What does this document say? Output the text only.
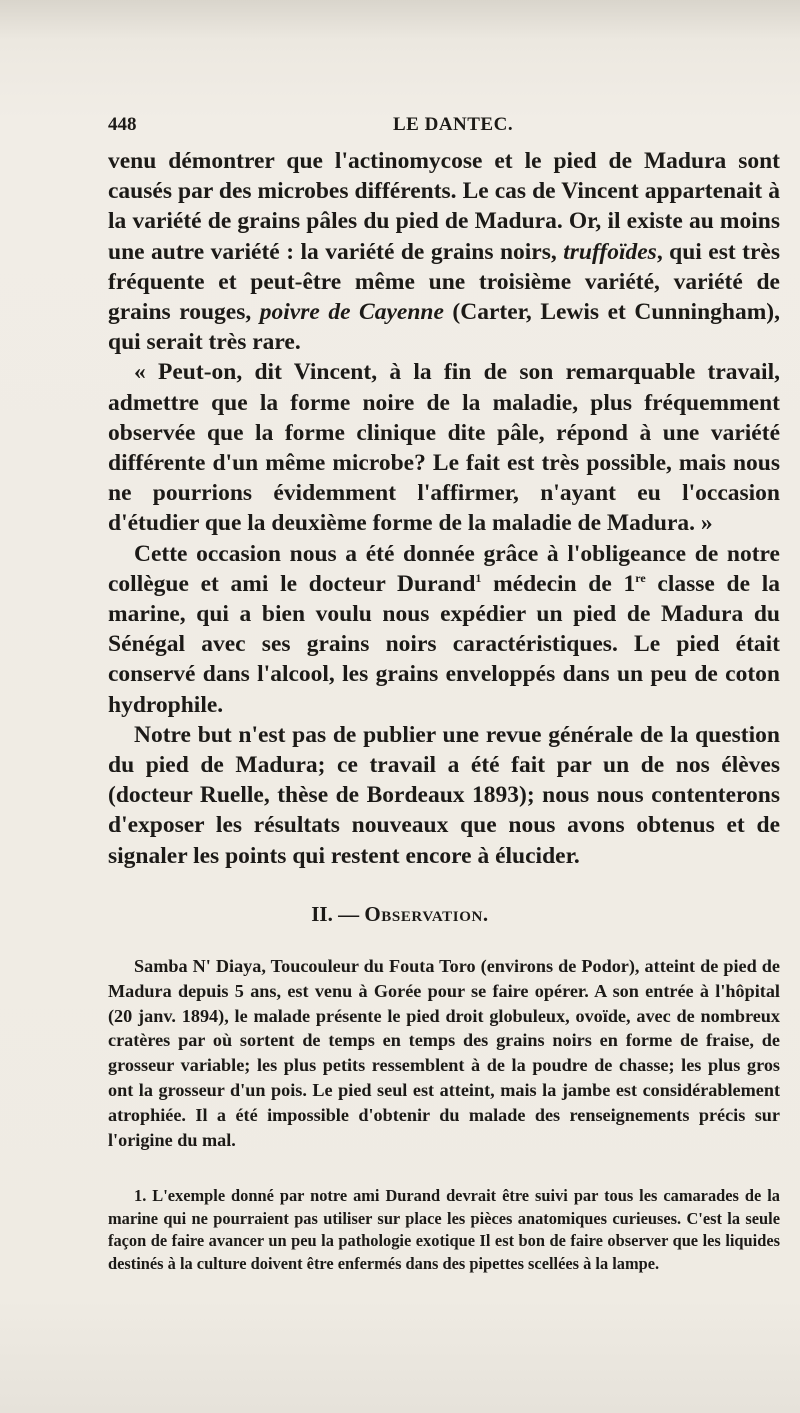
448	LE DANTEC.

venu démontrer que l'actinomycose et le pied de Madura sont causés par des microbes différents. Le cas de Vincent appartenait à la variété de grains pâles du pied de Madura. Or, il existe au moins une autre variété : la variété de grains noirs, truffoïdes, qui est très fréquente et peut-être même une troisième variété, variété de grains rouges, poivre de Cayenne (Carter, Lewis et Cunningham), qui serait très rare.

« Peut-on, dit Vincent, à la fin de son remarquable travail, admettre que la forme noire de la maladie, plus fréquemment observée que la forme clinique dite pâle, répond à une variété différente d'un même microbe? Le fait est très possible, mais nous ne pourrions évidemment l'affirmer, n'ayant eu l'occasion d'étudier que la deuxième forme de la maladie de Madura. »

Cette occasion nous a été donnée grâce à l'obligeance de notre collègue et ami le docteur Durand$^1$ médecin de 1re classe de la marine, qui a bien voulu nous expédier un pied de Madura du Sénégal avec ses grains noirs caractéristiques. Le pied était conservé dans l'alcool, les grains enveloppés dans un peu de coton hydrophile.

Notre but n'est pas de publier une revue générale de la question du pied de Madura; ce travail a été fait par un de nos élèves (docteur Ruelle, thèse de Bordeaux 1893); nous nous contenterons d'exposer les résultats nouveaux que nous avons obtenus et de signaler les points qui restent encore à élucider.

II. — Observation.

Samba N' Diaya, Toucouleur du Fouta Toro (environs de Podor), atteint de pied de Madura depuis 5 ans, est venu à Gorée pour se faire opérer. A son entrée à l'hôpital (20 janv. 1894), le malade présente le pied droit globuleux, ovoïde, avec de nombreux cratères par où sortent de temps en temps des grains noirs en forme de fraise, de grosseur variable; les plus petits ressemblent à de la poudre de chasse; les plus gros ont la grosseur d'un pois. Le pied seul est atteint, mais la jambe est considérablement atrophiée. Il a été impossible d'obtenir du malade des renseignements précis sur l'origine du mal.

1. L'exemple donné par notre ami Durand devrait être suivi par tous les camarades de la marine qui ne pourraient pas utiliser sur place les pièces anatomiques curieuses. C'est la seule façon de faire avancer un peu la pathologie exotique Il est bon de faire observer que les liquides destinés à la culture doivent être enfermés dans des pipettes scellées à la lampe.
